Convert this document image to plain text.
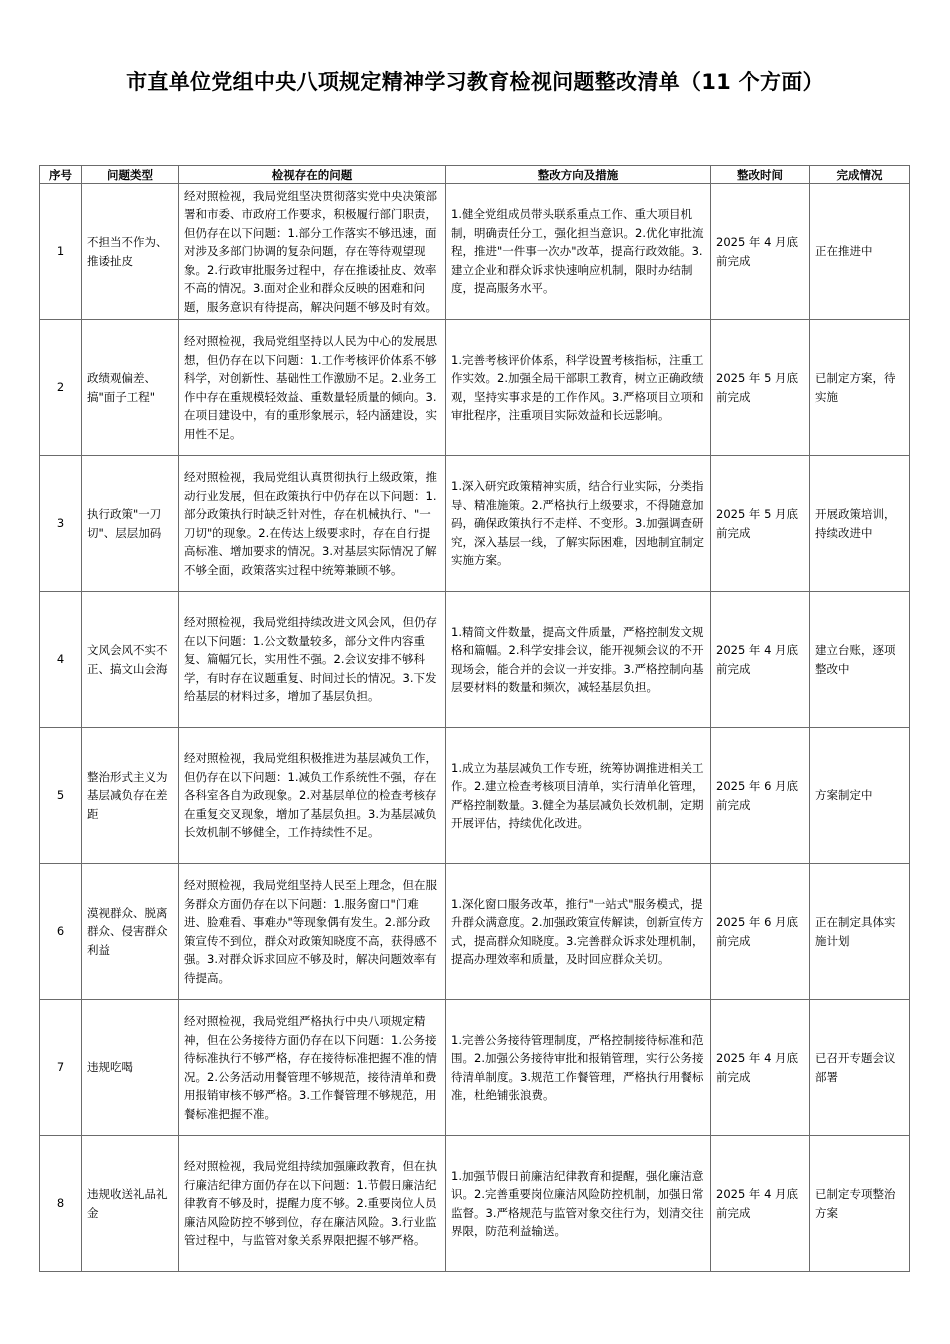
市直单位党组中央八项规定精神学习教育检视问题整改清单（11 个方面）
序号	问题类型	检视存在的问题	整改方向及措施	整改时间	完成情况
1	不担当不作为、推诿扯皮	经对照检视，我局党组坚决贯彻落实党中央决策部署和市委、市政府工作要求，积极履行部门职责，但仍存在以下问题：1.部分工作落实不够迅速，面对涉及多部门协调的复杂问题，存在等待观望现象。2.行政审批服务过程中，存在推诿扯皮、效率不高的情况。3.面对企业和群众反映的困难和问题，服务意识有待提高，解决问题不够及时有效。	1.健全党组成员带头联系重点工作、重大项目机制，明确责任分工，强化担当意识。2.优化审批流程，推进"一件事一次办"改革，提高行政效能。3.建立企业和群众诉求快速响应机制，限时办结制度，提高服务水平。	2025 年 4 月底前完成	正在推进中
2	政绩观偏差、搞"面子工程"	经对照检视，我局党组坚持以人民为中心的发展思想，但仍存在以下问题：1.工作考核评价体系不够科学，对创新性、基础性工作激励不足。2.业务工作中存在重规模轻效益、重数量轻质量的倾向。3.在项目建设中，有的重形象展示，轻内涵建设，实用性不足。	1.完善考核评价体系，科学设置考核指标，注重工作实效。2.加强全局干部职工教育，树立正确政绩观，坚持实事求是的工作作风。3.严格项目立项和审批程序，注重项目实际效益和长远影响。	2025 年 5 月底前完成	已制定方案，待实施
3	执行政策"一刀切"、层层加码	经对照检视，我局党组认真贯彻执行上级政策，推动行业发展，但在政策执行中仍存在以下问题：1.部分政策执行时缺乏针对性，存在机械执行、"一刀切"的现象。2.在传达上级要求时，存在自行提高标准、增加要求的情况。3.对基层实际情况了解不够全面，政策落实过程中统筹兼顾不够。	1.深入研究政策精神实质，结合行业实际，分类指导、精准施策。2.严格执行上级要求，不得随意加码，确保政策执行不走样、不变形。3.加强调查研究，深入基层一线，了解实际困难，因地制宜制定实施方案。	2025 年 5 月底前完成	开展政策培训，持续改进中
4	文风会风不实不正、搞文山会海	经对照检视，我局党组持续改进文风会风，但仍存在以下问题：1.公文数量较多，部分文件内容重复、篇幅冗长，实用性不强。2.会议安排不够科学，有时存在议题重复、时间过长的情况。3.下发给基层的材料过多，增加了基层负担。	1.精简文件数量，提高文件质量，严格控制发文规格和篇幅。2.科学安排会议，能开视频会议的不开现场会，能合并的会议一并安排。3.严格控制向基层要材料的数量和频次，减轻基层负担。	2025 年 4 月底前完成	建立台账，逐项整改中
5	整治形式主义为基层减负存在差距	经对照检视，我局党组积极推进为基层减负工作，但仍存在以下问题：1.减负工作系统性不强，存在各科室各自为政现象。2.对基层单位的检查考核存在重复交叉现象，增加了基层负担。3.为基层减负长效机制不够健全，工作持续性不足。	1.成立为基层减负工作专班，统筹协调推进相关工作。2.建立检查考核项目清单，实行清单化管理，严格控制数量。3.健全为基层减负长效机制，定期开展评估，持续优化改进。	2025 年 6 月底前完成	方案制定中
6	漠视群众、脱离群众、侵害群众利益	经对照检视，我局党组坚持人民至上理念，但在服务群众方面仍存在以下问题：1.服务窗口"门难进、脸难看、事难办"等现象偶有发生。2.部分政策宣传不到位，群众对政策知晓度不高，获得感不强。3.对群众诉求回应不够及时，解决问题效率有待提高。	1.深化窗口服务改革，推行"一站式"服务模式，提升群众满意度。2.加强政策宣传解读，创新宣传方式，提高群众知晓度。3.完善群众诉求处理机制，提高办理效率和质量，及时回应群众关切。	2025 年 6 月底前完成	正在制定具体实施计划
7	违规吃喝	经对照检视，我局党组严格执行中央八项规定精神，但在公务接待方面仍存在以下问题：1.公务接待标准执行不够严格，存在接待标准把握不准的情况。2.公务活动用餐管理不够规范，接待清单和费用报销审核不够严格。3.工作餐管理不够规范，用餐标准把握不准。	1.完善公务接待管理制度，严格控制接待标准和范围。2.加强公务接待审批和报销管理，实行公务接待清单制度。3.规范工作餐管理，严格执行用餐标准，杜绝铺张浪费。	2025 年 4 月底前完成	已召开专题会议部署
8	违规收送礼品礼金	经对照检视，我局党组持续加强廉政教育，但在执行廉洁纪律方面仍存在以下问题：1.节假日廉洁纪律教育不够及时，提醒力度不够。2.重要岗位人员廉洁风险防控不够到位，存在廉洁风险。3.行业监管过程中，与监管对象关系界限把握不够严格。	1.加强节假日前廉洁纪律教育和提醒，强化廉洁意识。2.完善重要岗位廉洁风险防控机制，加强日常监督。3.严格规范与监管对象交往行为，划清交往界限，防范利益输送。	2025 年 4 月底前完成	已制定专项整治方案
